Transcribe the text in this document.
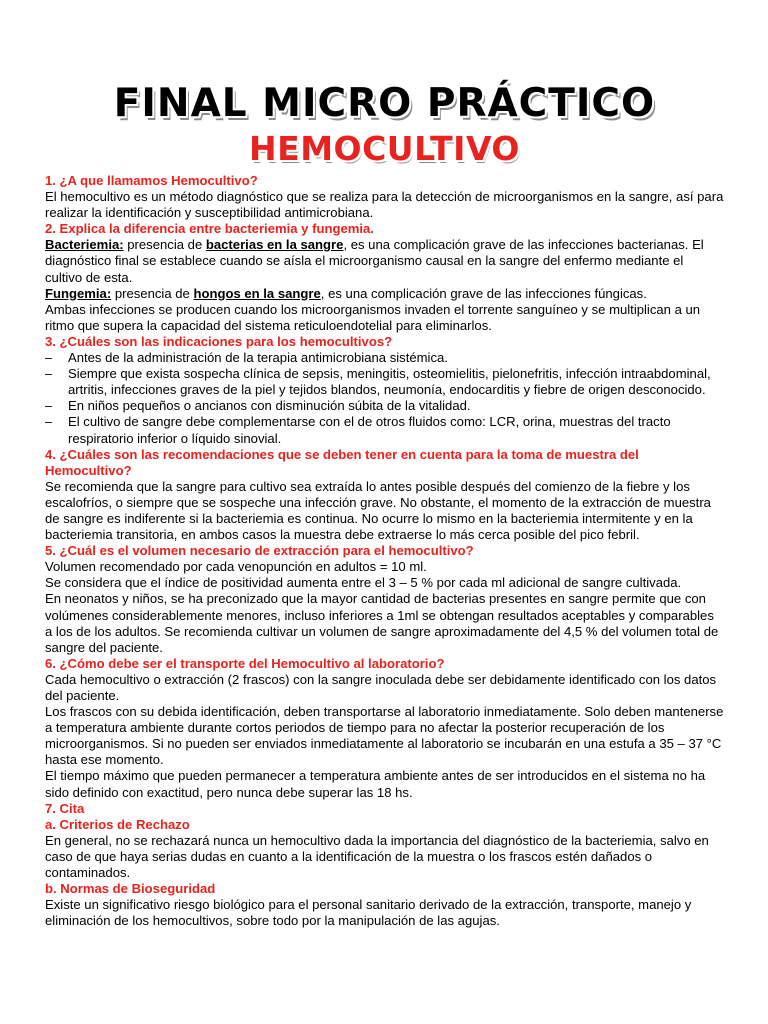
FINAL MICRO PRÁCTICO
HEMOCULTIVO

1. ¿A que llamamos Hemocultivo?

El hemocultivo es un método diagnóstico que se realiza para la detección de microorganismos en la sangre, así para realizar la identificación y susceptibilidad antimicrobiana.

2. Explica la diferencia entre bacteriemia y fungemia.

Bacteriemia: presencia de bacterias en la sangre, es una complicación grave de las infecciones bacterianas. El diagnóstico final se establece cuando se aísla el microorganismo causal en la sangre del enfermo mediante el cultivo de esta.

Fungemia: presencia de hongos en la sangre, es una complicación grave de las infecciones fúngicas.

Ambas infecciones se producen cuando los microorganismos invaden el torrente sanguíneo y se multiplican a un ritmo que supera la capacidad del sistema reticuloendotelial para eliminarlos.

3. ¿Cuáles son las indicaciones para los hemocultivos?

– Antes de la administración de la terapia antimicrobiana sistémica.
– Siempre que exista sospecha clínica de sepsis, meningitis, osteomielitis, pielonefritis, infección intraabdominal, artritis, infecciones graves de la piel y tejidos blandos, neumonía, endocarditis y fiebre de origen desconocido.
– En niños pequeños o ancianos con disminución súbita de la vitalidad.
– El cultivo de sangre debe complementarse con el de otros fluidos como: LCR, orina, muestras del tracto respiratorio inferior o líquido sinovial.

4. ¿Cuáles son las recomendaciones que se deben tener en cuenta para la toma de muestra del Hemocultivo?

Se recomienda que la sangre para cultivo sea extraída lo antes posible después del comienzo de la fiebre y los escalofríos, o siempre que se sospeche una infección grave. No obstante, el momento de la extracción de muestra de sangre es indiferente si la bacteriemia es continua. No ocurre lo mismo en la bacteriemia intermitente y en la bacteriemia transitoria, en ambos casos la muestra debe extraerse lo más cerca posible del pico febril.

5. ¿Cuál es el volumen necesario de extracción para el hemocultivo?

Volumen recomendado por cada venopunción en adultos = 10 ml.

Se considera que el índice de positividad aumenta entre el 3 – 5 % por cada ml adicional de sangre cultivada.

En neonatos y niños, se ha preconizado que la mayor cantidad de bacterias presentes en sangre permite que con volúmenes considerablemente menores, incluso inferiores a 1ml se obtengan resultados aceptables y comparables a los de los adultos. Se recomienda cultivar un volumen de sangre aproximadamente del 4,5 % del volumen total de sangre del paciente.

6. ¿Cómo debe ser el transporte del Hemocultivo al laboratorio?

Cada hemocultivo o extracción (2 frascos) con la sangre inoculada debe ser debidamente identificado con los datos del paciente.

Los frascos con su debida identificación, deben transportarse al laboratorio inmediatamente. Solo deben mantenerse a temperatura ambiente durante cortos periodos de tiempo para no afectar la posterior recuperación de los microorganismos. Si no pueden ser enviados inmediatamente al laboratorio se incubarán en una estufa a 35 – 37 °C hasta ese momento.

El tiempo máximo que pueden permanecer a temperatura ambiente antes de ser introducidos en el sistema no ha sido definido con exactitud, pero nunca debe superar las 18 hs.

7. Cita

a. Criterios de Rechazo

En general, no se rechazará nunca un hemocultivo dada la importancia del diagnóstico de la bacteriemia, salvo en caso de que haya serias dudas en cuanto a la identificación de la muestra o los frascos estén dañados o contaminados.

b. Normas de Bioseguridad

Existe un significativo riesgo biológico para el personal sanitario derivado de la extracción, transporte, manejo y eliminación de los hemocultivos, sobre todo por la manipulación de las agujas.
